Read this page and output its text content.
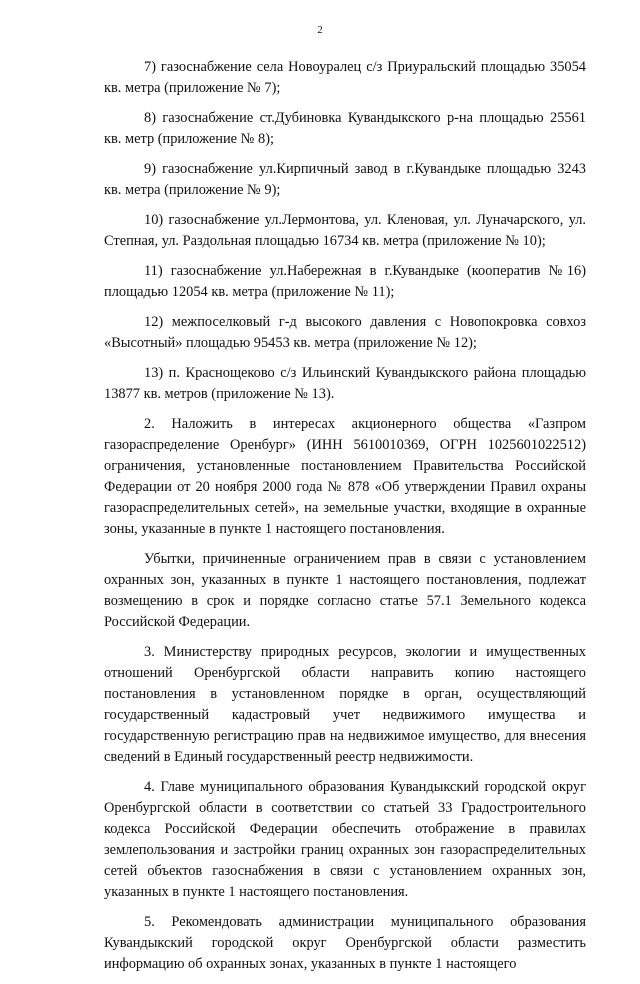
2

7) газоснабжение села Новоуралец с/з Приуральский площадью 35054 кв. метра (приложение № 7);

8) газоснабжение ст.Дубиновка Кувандыкского р-на площадью 25561 кв. метр (приложение № 8);

9) газоснабжение ул.Кирпичный завод в г.Кувандыке площадью 3243 кв. метра (приложение № 9);

10) газоснабжение ул.Лермонтова, ул. Кленовая, ул. Луначарского, ул. Степная, ул. Раздольная площадью 16734 кв. метра (приложение № 10);

11) газоснабжение ул.Набережная в г.Кувандыке (кооператив №16) площадью 12054 кв. метра (приложение № 11);

12) межпоселковый г-д высокого давления с Новопокровка совхоз «Высотный» площадью 95453 кв. метра (приложение № 12);

13) п. Краснощеково с/з Ильинский Кувандыкского района площадью 13877 кв. метров (приложение № 13).

2. Наложить в интересах акционерного общества «Газпром газораспределение Оренбург» (ИНН 5610010369, ОГРН 1025601022512) ограничения, установленные постановлением Правительства Российской Федерации от 20 ноября 2000 года № 878 «Об утверждении Правил охраны газораспределительных сетей», на земельные участки, входящие в охранные зоны, указанные в пункте 1 настоящего постановления.

Убытки, причиненные ограничением прав в связи с установлением охранных зон, указанных в пункте 1 настоящего постановления, подлежат возмещению в срок и порядке согласно статье 57.1 Земельного кодекса Российской Федерации.

3. Министерству природных ресурсов, экологии и имущественных отношений Оренбургской области направить копию настоящего постановления в установленном порядке в орган, осуществляющий государственный кадастровый учет недвижимого имущества и государственную регистрацию прав на недвижимое имущество, для внесения сведений в Единый государственный реестр недвижимости.

4. Главе муниципального образования Кувандыкский городской округ Оренбургской области в соответствии со статьей 33 Градостроительного кодекса Российской Федерации обеспечить отображение в правилах землепользования и застройки границ охранных зон газораспределительных сетей объектов газоснабжения в связи с установлением охранных зон, указанных в пункте 1 настоящего постановления.

5. Рекомендовать администрации муниципального образования Кувандыкский городской округ Оренбургской области разместить информацию об охранных зонах, указанных в пункте 1 настоящего
